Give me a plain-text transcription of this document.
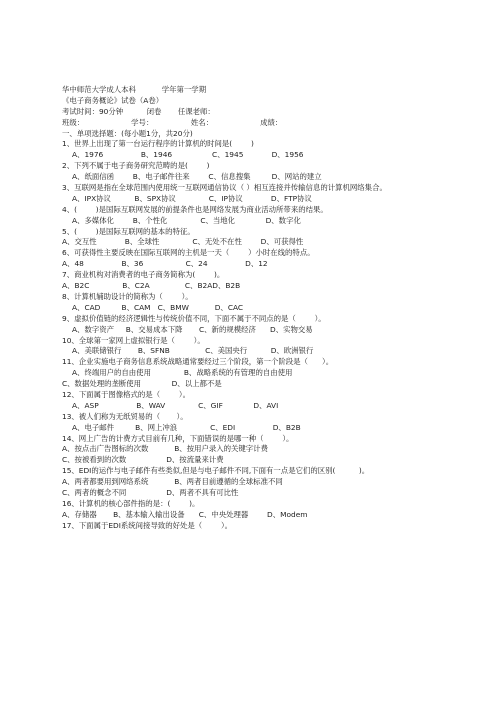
华中师范大学成人本科           学年第一学期
《电子商务概论》试卷（A卷）
考试时间：90分钟          闭卷       任课老师：
班级：                    学号：                姓名：                    成绩：
一、单项选择题：(每小题1分，共20分)
1、世界上出现了第一台运行程序的计算机的时间是(        )
A、1976                B、1946                 C、1945            D、1956
2、下列不属于电子商务研究范畴的是(        )
A、纸面信函        B、电子邮件往来        C、信息搜集         D、网站的建立
3、互联网是指在全球范围内使用统一互联网通信协议（ ）相互连接并传输信息的计算机网络集合。
A、IPX协议          B、SPX协议              C、IP协议            D、FTP协议
4、(        )是国际互联网发展的前提条件也是网络发展为商业活动所带来的结果。
A、多媒体化        B、个性化              C、当地化             D、数字化
5、(        )是国际互联网的基本的特征。
A、交互性            B、全球性              C、无处不在性        D、可获得性
6、可获得性主要反映在国际互联网的主机是一天（        ）小时在线的特点。
A、48                B、36                  C、24                D、12
7、商业机构对消费者的电子商务简称为(        )。
A、B2C              B、C2A               C、B2AD、B2B
8、计算机辅助设计的简称为（        ）。
A、CAD         B、CAM   C、BMW           D、CAC
9、虚拟价值链的经济逻辑性与传统价值不同，下面不属于不同点的是（        ）。
A、数字资产     B、交易成本下降       C、新的规模经济      D、实物交易
10、全球第一家网上虚拟银行是（        ）。
A、美联储银行       B、SFNB               C、美国央行          D、欧洲银行
11、企业实施电子商务信息系统战略通常要经过三个阶段，第一个阶段是（      ）。
A、终端用户的自由使用              B、战略系统的有管理的自由使用
C、数据处理的垄断使用             D、以上都不是
12、下面属于图像格式的是（        ）。
A、ASP                B、WAV              C、GIF             D、AVI
13、被人们称为无纸贸易的（       ）。
A、电子邮件         B、网上冲浪              C、EDI                D、B2B
14、网上广告的计费方式目前有几种，下面错误的是哪一种（        ）。
A、按点击广告图标的次数           B、按用户录入的关键字计费
C、按被看到的次数                 D、按流量来计费
15、EDI的运作与电子邮件有些类似,但是与电子邮件不同,下面有一点是它们的区别(          )。
A、两者都要用到网络系统           B、两者目前遵循的全球标准不同
C、两者的概念不同                 D、两者不具有可比性
16、计算机的核心部件指的是：(        )。
A、存储器       B、基本输入输出设备      C、中央处理器        D、Modem
17、下面属于EDI系统间接导致的好处是（        ）。
